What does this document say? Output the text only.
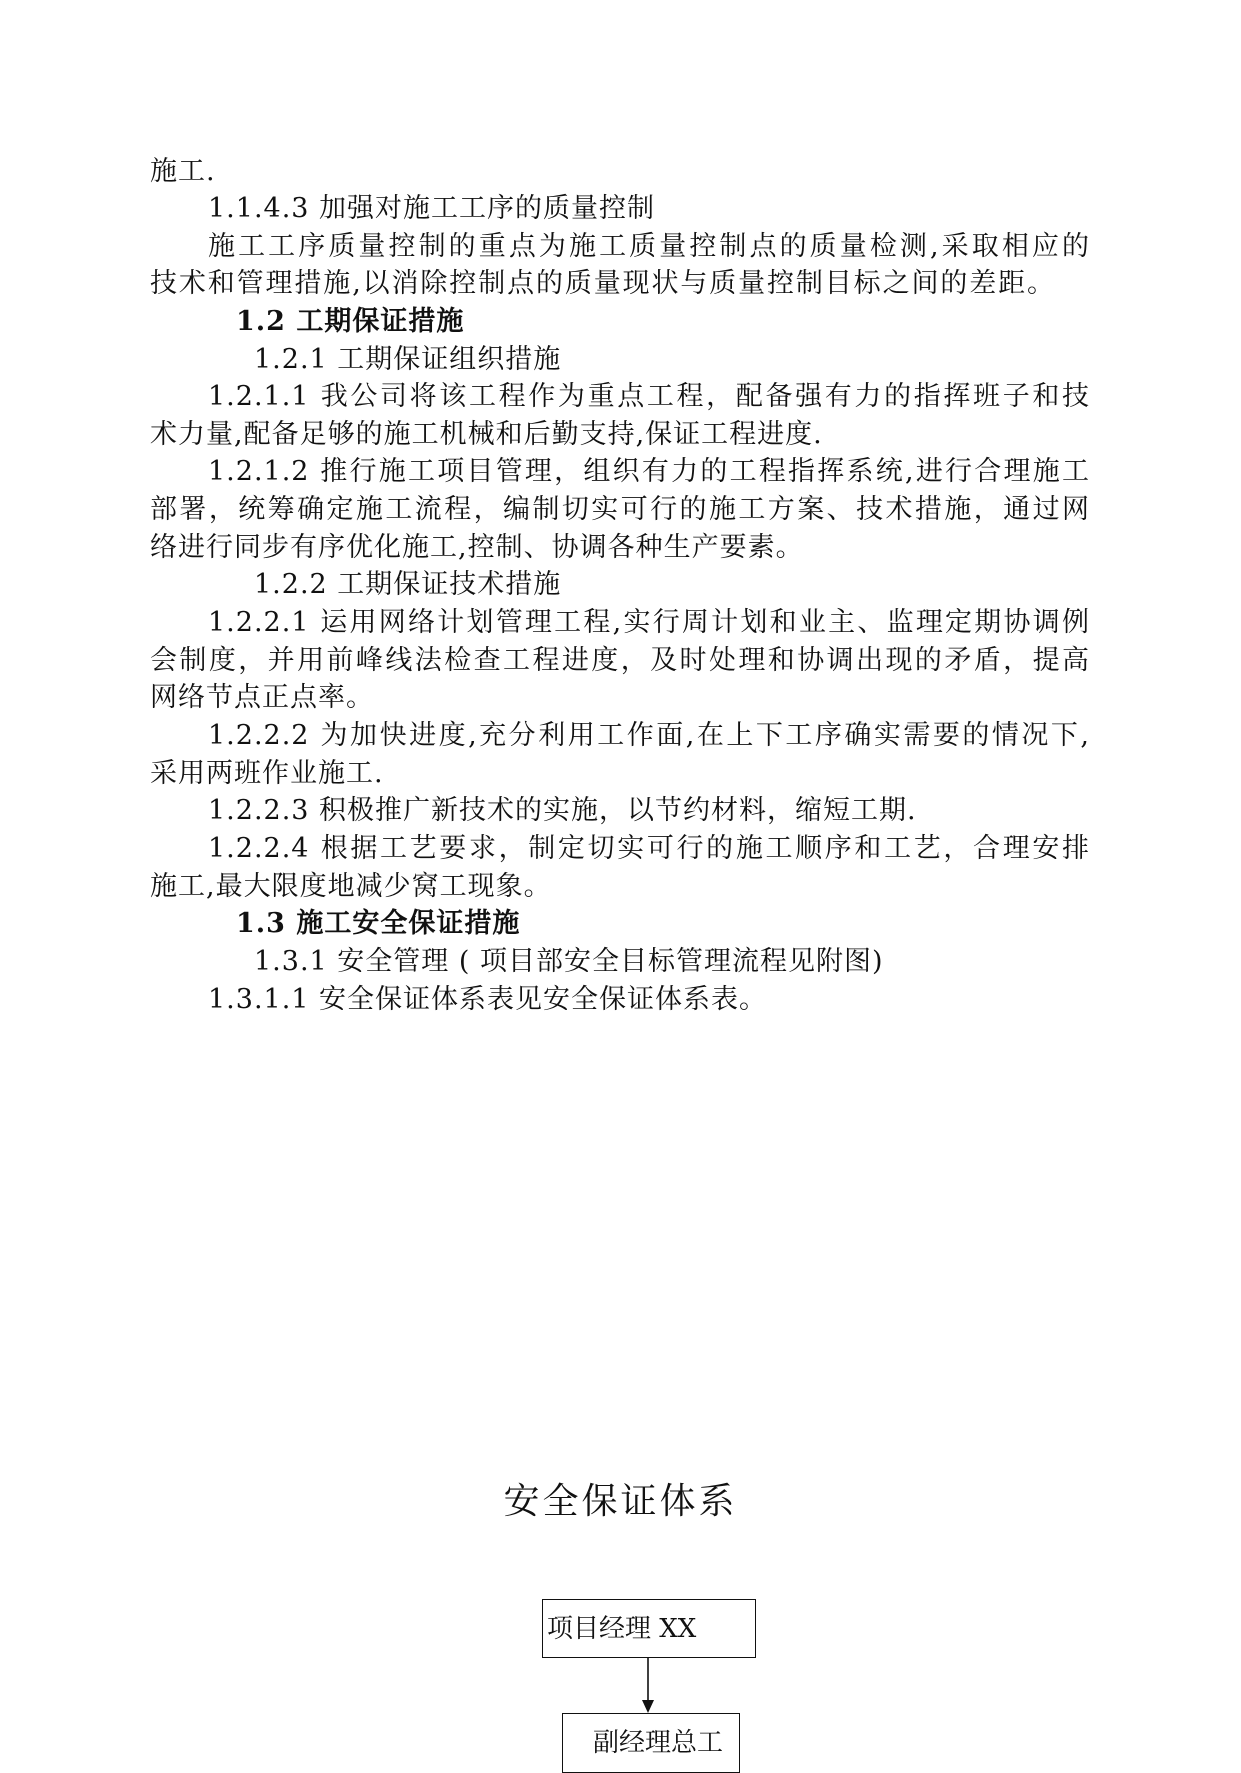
施工.
1.1.4.3 加强对施工工序的质量控制
施工工序质量控制的重点为施工质量控制点的质量检测,采取相应的
技术和管理措施,以消除控制点的质量现状与质量控制目标之间的差距。
1.2 工期保证措施
1.2.1 工期保证组织措施
1.2.1.1 我公司将该工程作为重点工程，配备强有力的指挥班子和技
术力量,配备足够的施工机械和后勤支持,保证工程进度.
1.2.1.2 推行施工项目管理，组织有力的工程指挥系统,进行合理施工
部署，统筹确定施工流程，编制切实可行的施工方案、技术措施，通过网
络进行同步有序优化施工,控制、协调各种生产要素。
1.2.2 工期保证技术措施
1.2.2.1 运用网络计划管理工程,实行周计划和业主、监理定期协调例
会制度，并用前峰线法检查工程进度，及时处理和协调出现的矛盾，提高
网络节点正点率。
1.2.2.2 为加快进度,充分利用工作面,在上下工序确实需要的情况下,
采用两班作业施工.
1.2.2.3 积极推广新技术的实施，以节约材料，缩短工期.
1.2.2.4 根据工艺要求，制定切实可行的施工顺序和工艺，合理安排
施工,最大限度地减少窝工现象。
1.3 施工安全保证措施
1.3.1 安全管理 ( 项目部安全目标管理流程见附图)
1.3.1.1 安全保证体系表见安全保证体系表。
安全保证体系
项目经理 XX
副经理总工
